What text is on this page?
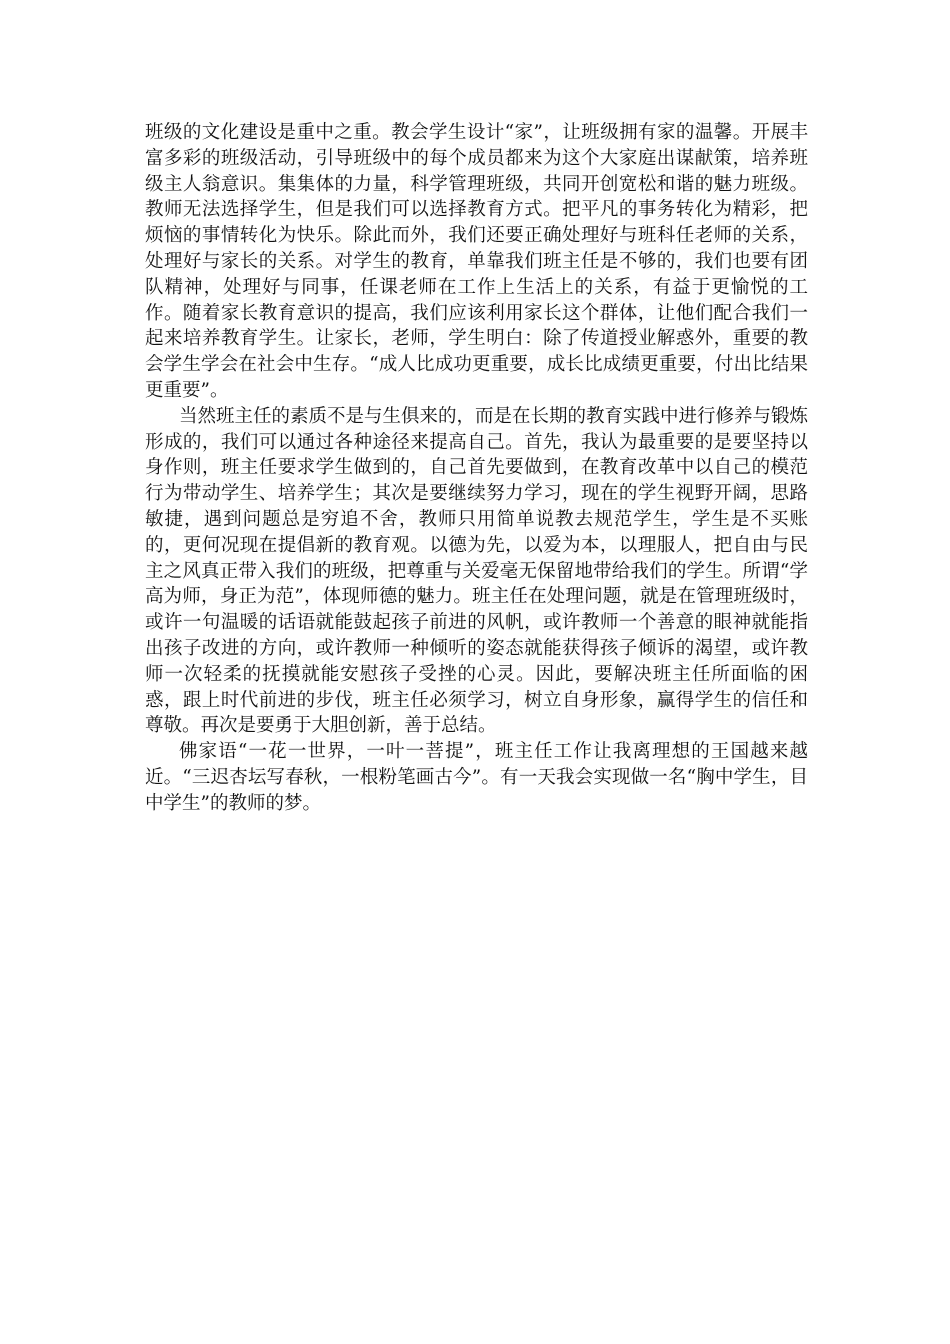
班级的文化建设是重中之重。教会学生设计“家”，让班级拥有家的温馨。开展丰富多彩的班级活动，引导班级中的每个成员都来为这个大家庭出谋献策，培养班级主人翁意识。集集体的力量，科学管理班级，共同开创宽松和谐的魅力班级。教师无法选择学生，但是我们可以选择教育方式。把平凡的事务转化为精彩，把烦恼的事情转化为快乐。除此而外，我们还要正确处理好与班科任老师的关系，处理好与家长的关系。对学生的教育，单靠我们班主任是不够的，我们也要有团队精神，处理好与同事，任课老师在工作上生活上的关系，有益于更愉悦的工作。随着家长教育意识的提高，我们应该利用家长这个群体，让他们配合我们一起来培养教育学生。让家长，老师，学生明白：除了传道授业解惑外，重要的教会学生学会在社会中生存。“成人比成功更重要，成长比成绩更重要，付出比结果更重要”。

当然班主任的素质不是与生俱来的，而是在长期的教育实践中进行修养与锻炼形成的，我们可以通过各种途径来提高自己。首先，我认为最重要的是要坚持以身作则，班主任要求学生做到的，自己首先要做到，在教育改革中以自己的模范行为带动学生、培养学生；其次是要继续努力学习，现在的学生视野开阔，思路敏捷，遇到问题总是穷追不舍，教师只用简单说教去规范学生，学生是不买账的，更何况现在提倡新的教育观。以德为先，以爱为本，以理服人，把自由与民主之风真正带入我们的班级，把尊重与关爱毫无保留地带给我们的学生。所谓“学高为师，身正为范”，体现师德的魅力。班主任在处理问题，就是在管理班级时，或许一句温暖的话语就能鼓起孩子前进的风帆，或许教师一个善意的眼神就能指出孩子改进的方向，或许教师一种倾听的姿态就能获得孩子倾诉的渴望，或许教师一次轻柔的抚摸就能安慰孩子受挫的心灵。因此，要解决班主任所面临的困惑，跟上时代前进的步伐，班主任必须学习，树立自身形象，赢得学生的信任和尊敬。再次是要勇于大胆创新，善于总结。

佛家语“一花一世界，一叶一菩提”，班主任工作让我离理想的王国越来越近。“三迟杏坛写春秋，一根粉笔画古今”。有一天我会实现做一名“胸中学生，目中学生”的教师的梦。
